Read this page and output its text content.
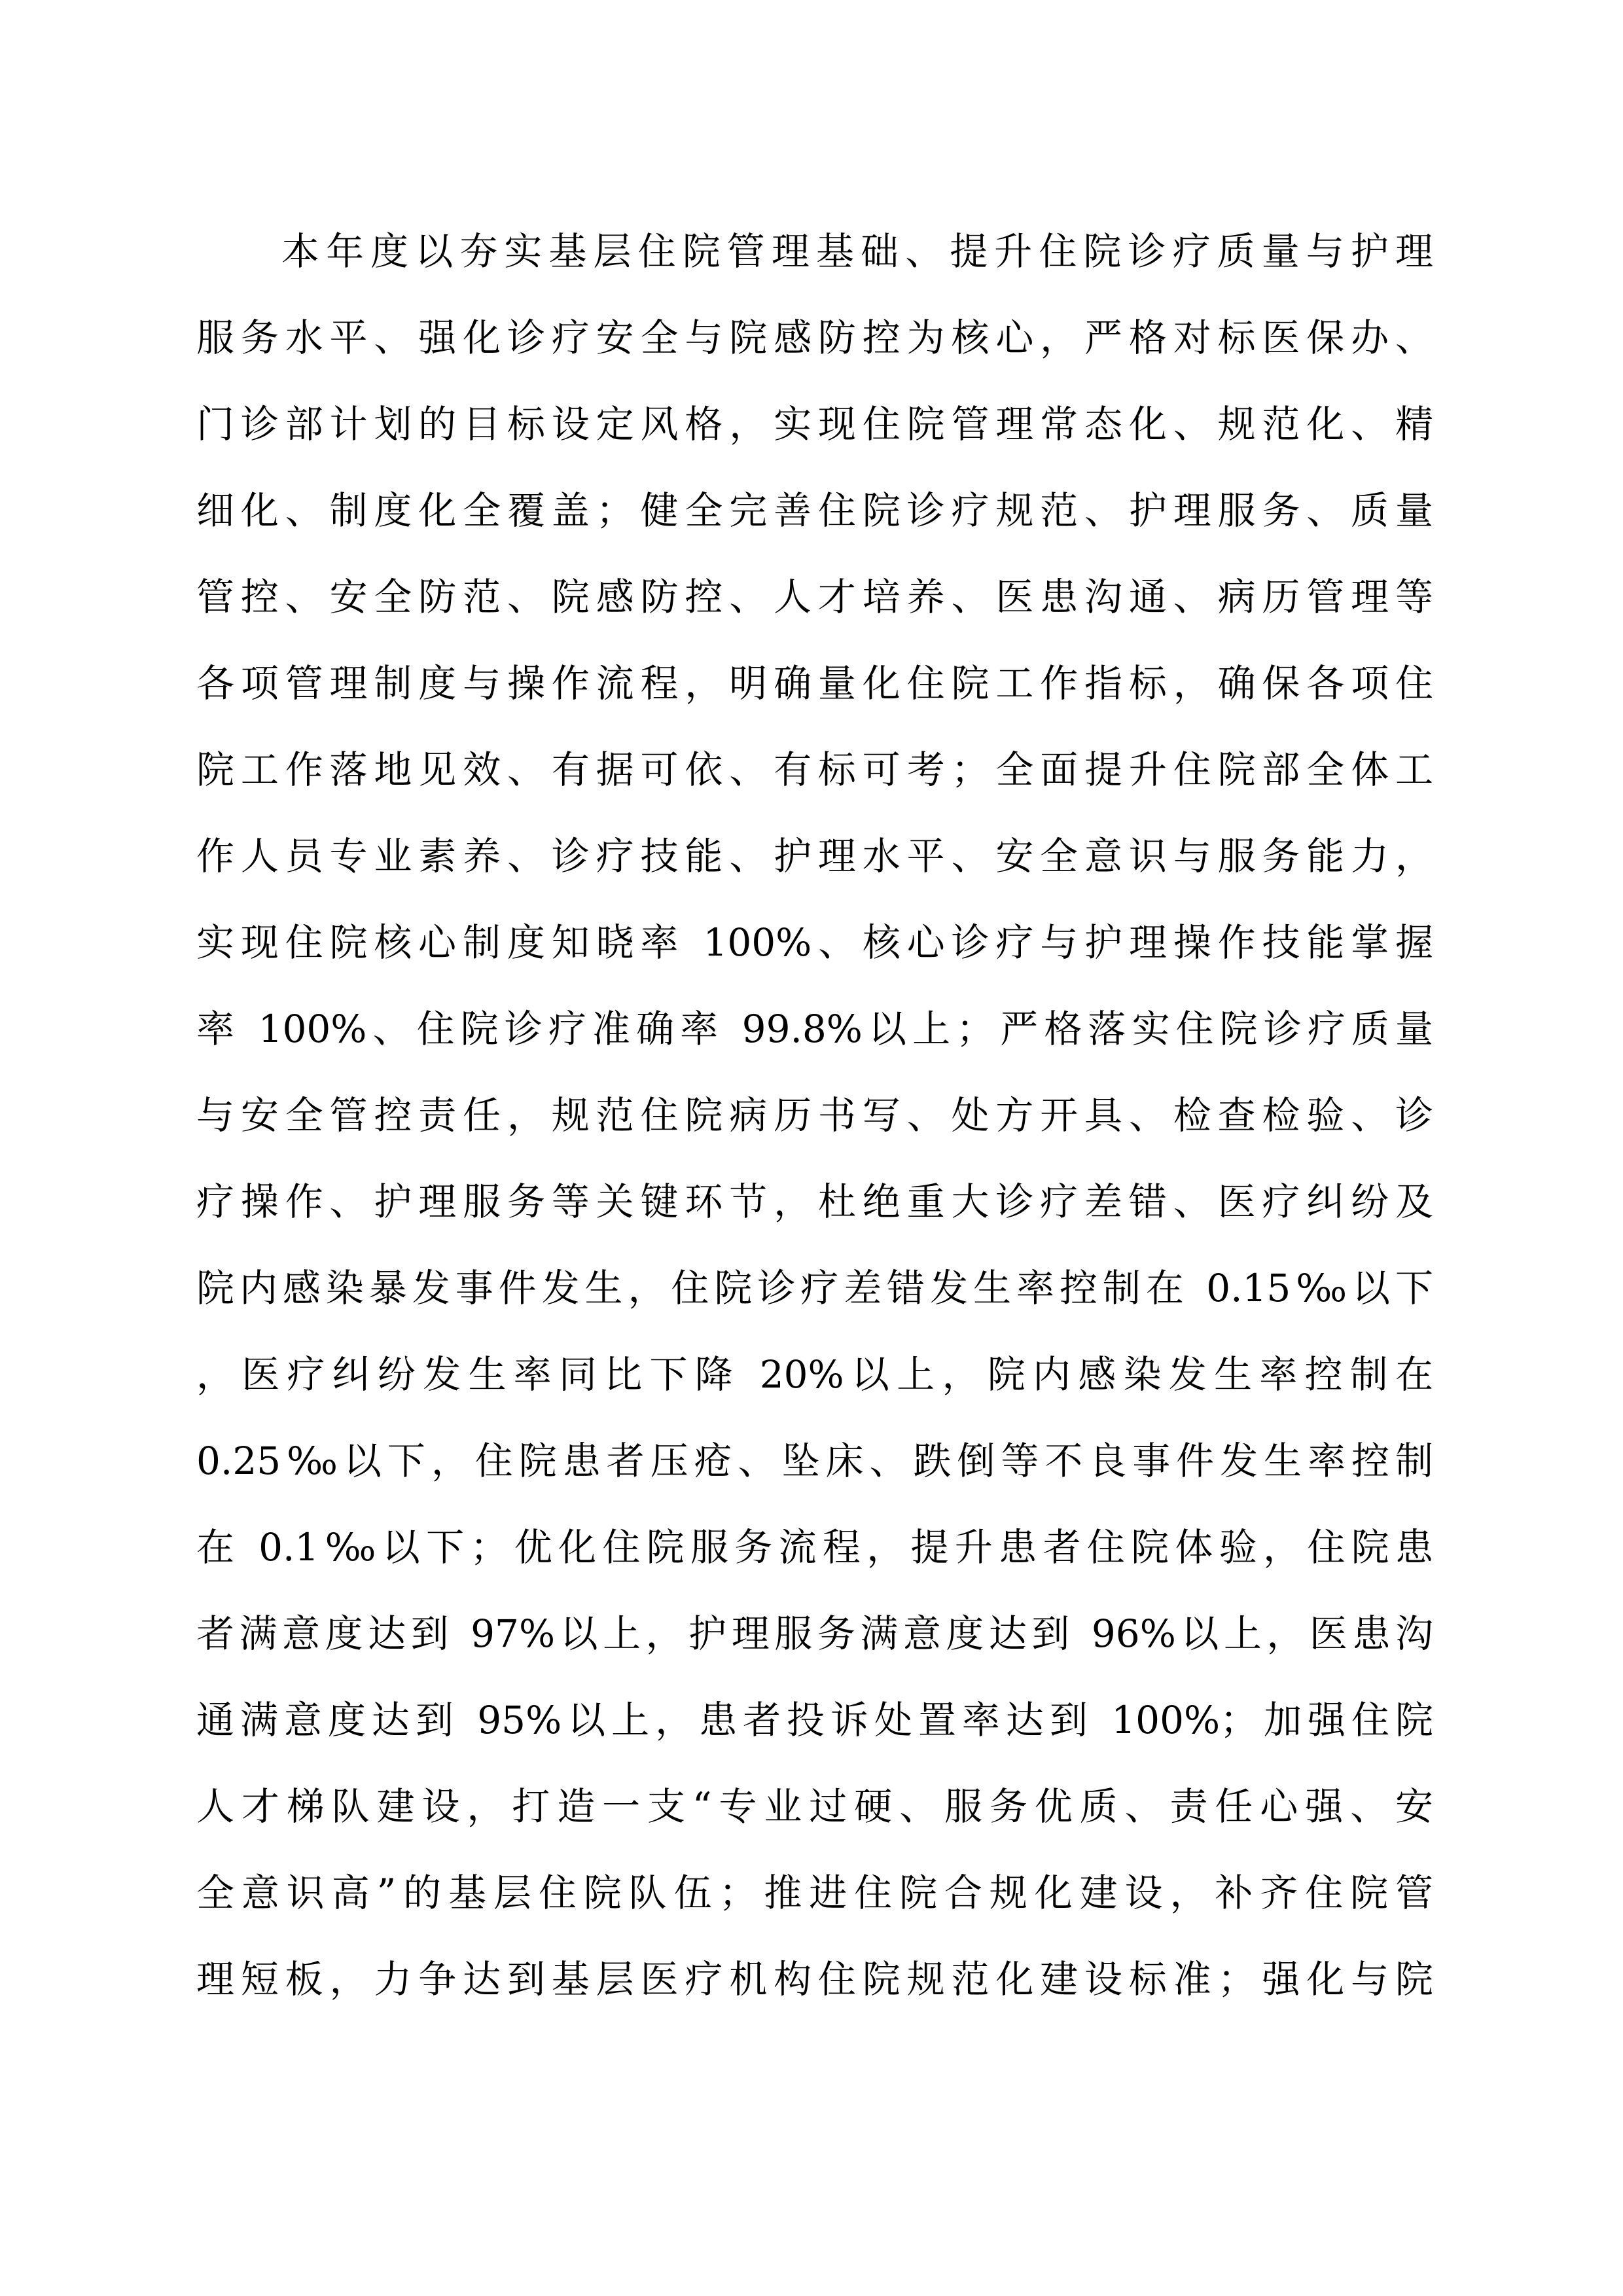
本年度以夯实基层住院管理基础、提升住院诊疗质量与护理
服务水平、强化诊疗安全与院感防控为核心，严格对标医保办、
门诊部计划的目标设定风格，实现住院管理常态化、规范化、精
细化、制度化全覆盖；健全完善住院诊疗规范、护理服务、质量
管控、安全防范、院感防控、人才培养、医患沟通、病历管理等
各项管理制度与操作流程，明确量化住院工作指标，确保各项住
院工作落地见效、有据可依、有标可考；全面提升住院部全体工
作人员专业素养、诊疗技能、护理水平、安全意识与服务能力，
实现住院核心制度知晓率 100%、核心诊疗与护理操作技能掌握
率 100%、住院诊疗准确率 99.8%以上；严格落实住院诊疗质量
与安全管控责任，规范住院病历书写、处方开具、检查检验、诊
疗操作、护理服务等关键环节，杜绝重大诊疗差错、医疗纠纷及
院内感染暴发事件发生，住院诊疗差错发生率控制在 0.15‰以下
，医疗纠纷发生率同比下降 20%以上，院内感染发生率控制在
0.25‰以下，住院患者压疮、坠床、跌倒等不良事件发生率控制
在 0.1‰以下；优化住院服务流程，提升患者住院体验，住院患
者满意度达到 97%以上，护理服务满意度达到 96%以上，医患沟
通满意度达到 95%以上，患者投诉处置率达到 100%；加强住院
人才梯队建设，打造一支“专业过硬、服务优质、责任心强、安
全意识高”的基层住院队伍；推进住院合规化建设，补齐住院管
理短板，力争达到基层医疗机构住院规范化建设标准；强化与院
